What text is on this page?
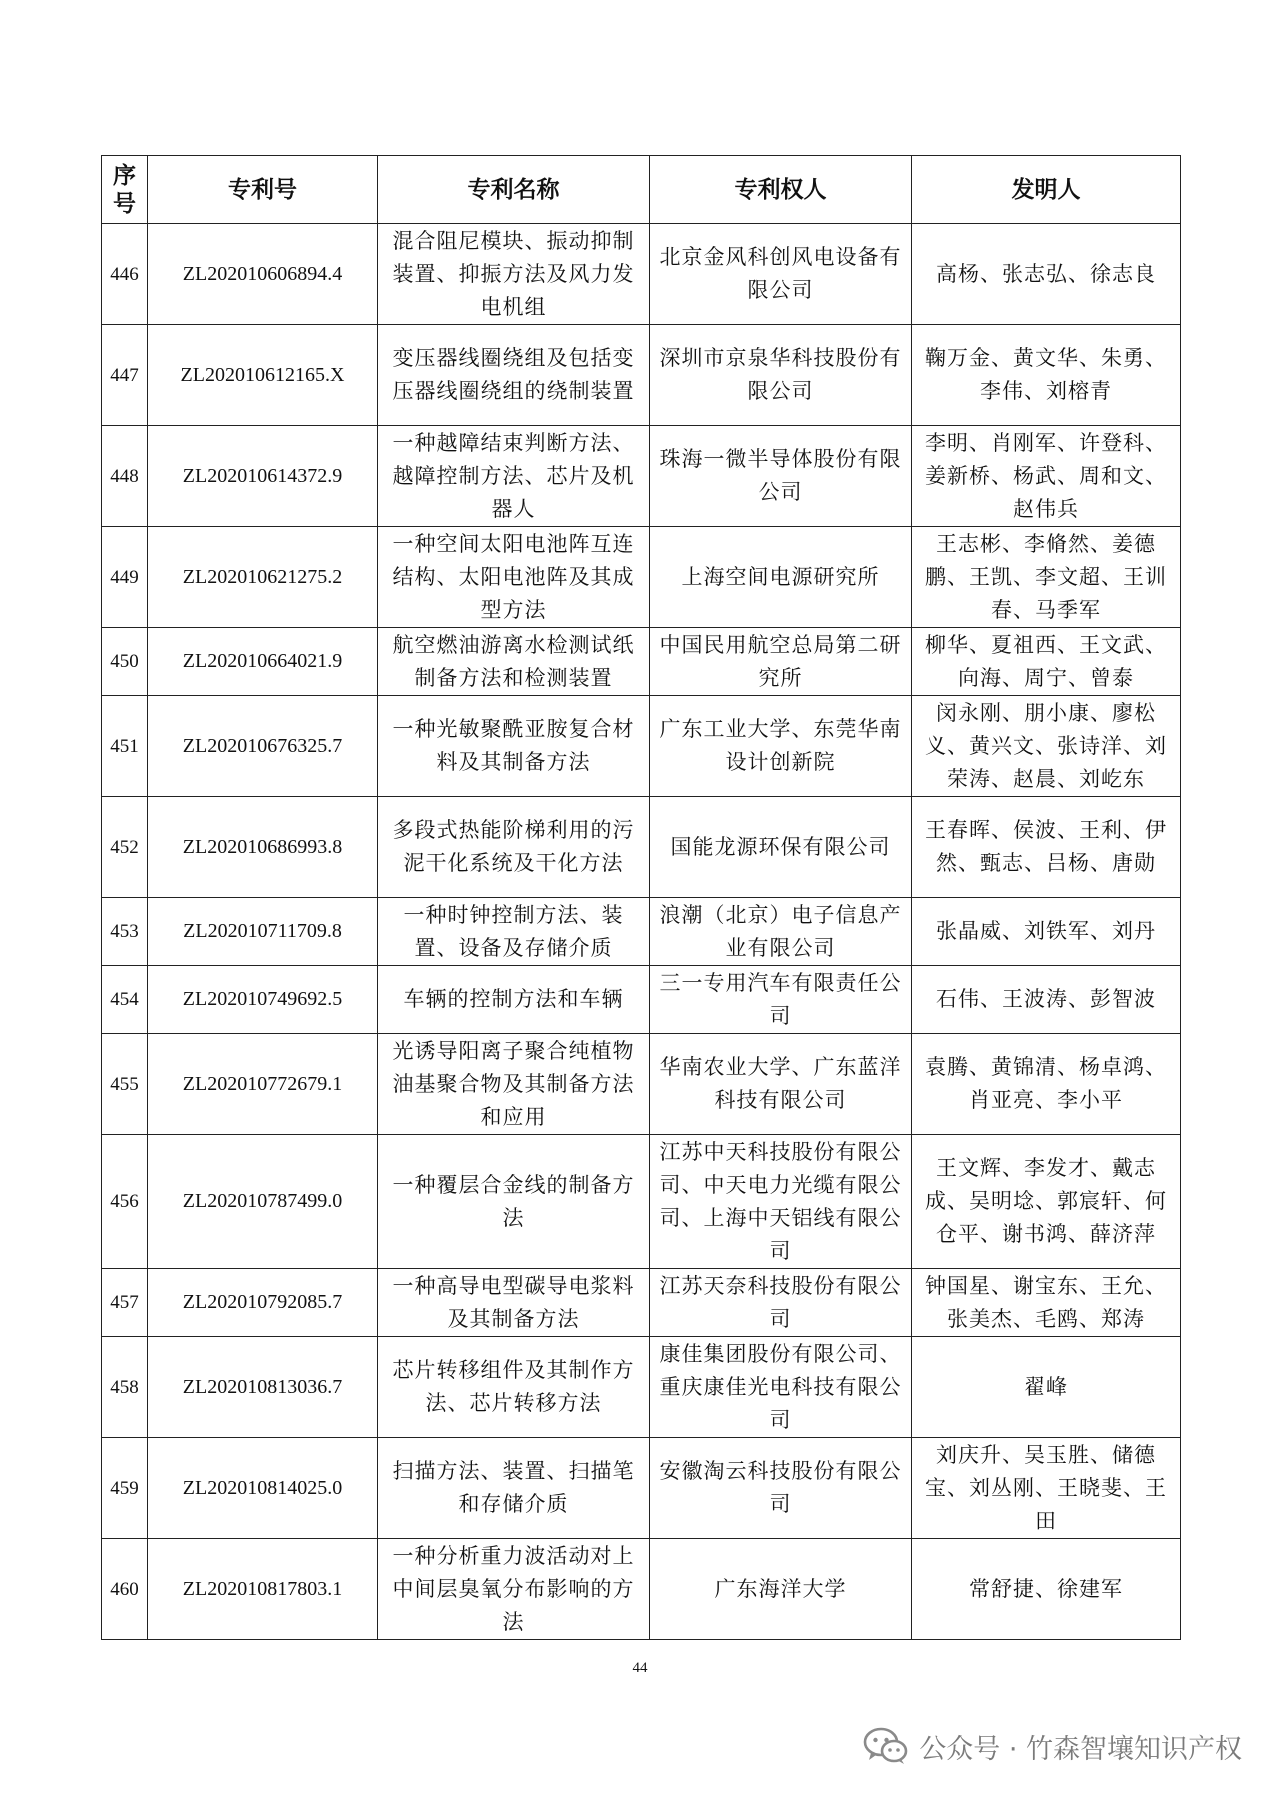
序号	专利号	专利名称	专利权人	发明人
446	ZL202010606894.4	混合阻尼模块、振动抑制装置、抑振方法及风力发电机组	北京金风科创风电设备有限公司	高杨、张志弘、徐志良
447	ZL202010612165.X	变压器线圈绕组及包括变压器线圈绕组的绕制装置	深圳市京泉华科技股份有限公司	鞠万金、黄文华、朱勇、李伟、刘榕青
448	ZL202010614372.9	一种越障结束判断方法、越障控制方法、芯片及机器人	珠海一微半导体股份有限公司	李明、肖刚军、许登科、姜新桥、杨武、周和文、赵伟兵
449	ZL202010621275.2	一种空间太阳电池阵互连结构、太阳电池阵及其成型方法	上海空间电源研究所	王志彬、李脩然、姜德鹏、王凯、李文超、王训春、马季军
450	ZL202010664021.9	航空燃油游离水检测试纸制备方法和检测装置	中国民用航空总局第二研究所	柳华、夏祖西、王文武、向海、周宁、曾泰
451	ZL202010676325.7	一种光敏聚酰亚胺复合材料及其制备方法	广东工业大学、东莞华南设计创新院	闵永刚、朋小康、廖松义、黄兴文、张诗洋、刘荣涛、赵晨、刘屹东
452	ZL202010686993.8	多段式热能阶梯利用的污泥干化系统及干化方法	国能龙源环保有限公司	王春晖、侯波、王利、伊然、甄志、吕杨、唐勋
453	ZL202010711709.8	一种时钟控制方法、装置、设备及存储介质	浪潮（北京）电子信息产业有限公司	张晶威、刘铁军、刘丹
454	ZL202010749692.5	车辆的控制方法和车辆	三一专用汽车有限责任公司	石伟、王波涛、彭智波
455	ZL202010772679.1	光诱导阳离子聚合纯植物油基聚合物及其制备方法和应用	华南农业大学、广东蓝洋科技有限公司	袁腾、黄锦清、杨卓鸿、肖亚亮、李小平
456	ZL202010787499.0	一种覆层合金线的制备方法	江苏中天科技股份有限公司、中天电力光缆有限公司、上海中天铝线有限公司	王文辉、李发才、戴志成、吴明埝、郭宸轩、何仓平、谢书鸿、薛济萍
457	ZL202010792085.7	一种高导电型碳导电浆料及其制备方法	江苏天奈科技股份有限公司	钟国星、谢宝东、王允、张美杰、毛鸥、郑涛
458	ZL202010813036.7	芯片转移组件及其制作方法、芯片转移方法	康佳集团股份有限公司、重庆康佳光电科技有限公司	翟峰
459	ZL202010814025.0	扫描方法、装置、扫描笔和存储介质	安徽淘云科技股份有限公司	刘庆升、吴玉胜、储德宝、刘丛刚、王晓斐、王田
460	ZL202010817803.1	一种分析重力波活动对上中间层臭氧分布影响的方法	广东海洋大学	常舒捷、徐建军
44
公众号 · 竹森智壤知识产权
